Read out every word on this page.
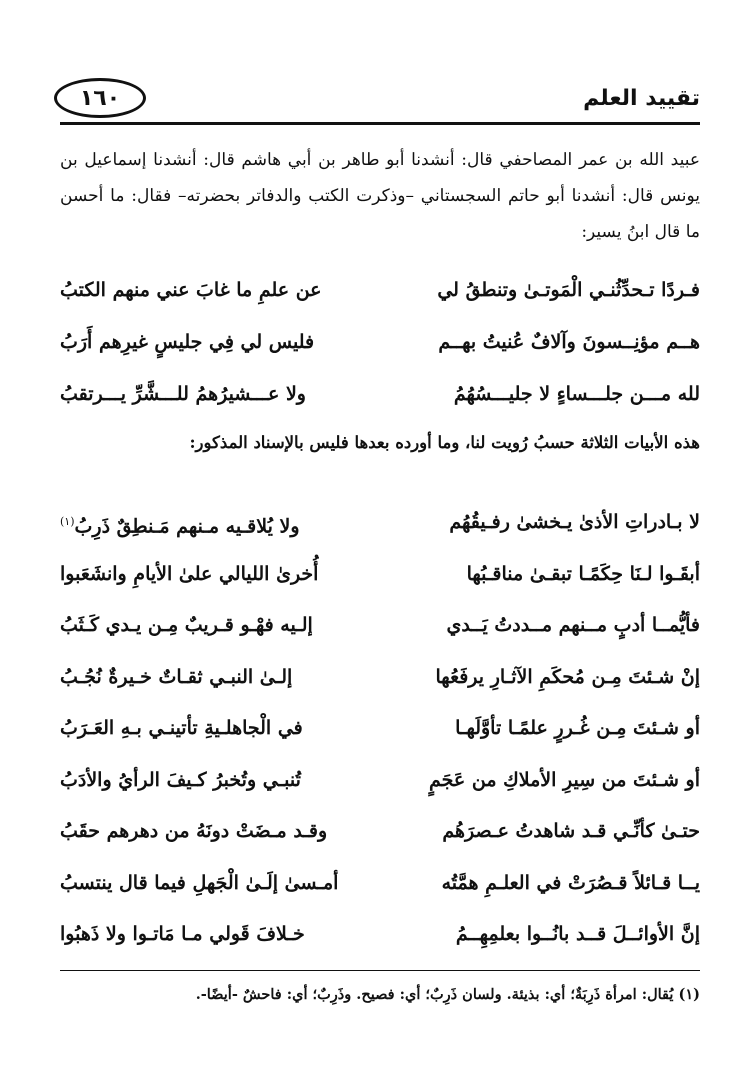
تقييد العلم
١٦٠
عبيد الله بن عمر المصاحفي قال: أنشدنا أبو طاهر بن أبي هاشم قال: أنشدنا إسماعيل بن يونس قال: أنشدنا أبو حاتم السجستاني –وذكرت الكتب والدفاتر بحضرته– فقال: ما أحسن ما قال ابنُ يسير:
فـردًا تـحدِّثُنـي الْمَوتـىٰ وتنطقُ لي
عن علمِ ما غابَ عني منهم الكتبُ
هــم مؤنِــسونَ وآلافٌ عُنيتُ بهــم
فليس لي فِي جليسٍ غيرِهم أَرَبُ
لله مـــن جلـــساءٍ لا جليـــسُهُمُ
ولا عـــشيرُهمُ للـــشَّرِّ يـــرتقبُ
هذه الأبيات الثلاثة حسبُ رُويت لنا، وما أورده بعدها فليس بالإسناد المذكور:
لا بـادراتِ الأذىٰ يـخشىٰ رفـيقُهُم
ولا يُلاقـيه مـنهم مَـنطِقٌ ذَرِبُ$^{(١)}$
أبقَـوا لـنَا حِكَمًـا تبقـىٰ مناقـبُها
أُخرىٰ الليالي علىٰ الأيامِ وانشَعَبوا
فأيُّمــا أدبٍ مــنهم مــددتُ يَــدي
إلـيه فهْـو قـريبٌ مِـن يـدي كَـثَبُ
إنْ شـئتَ مِـن مُحكَمِ الآثـارِ يرفَعُها
إلـىٰ النبـي ثقـاتٌ خـيرةٌ نُجُـبُ
أو شـئتَ مِـن غُـررٍ علمًـا تأوَّلَهـا
في الْجاهلـيةِ تأتينـي بـهِ العَـرَبُ
أو شـئتَ من سِيرِ الأملاكِ من عَجَمٍ
تُنبـي وتُخبرُ كـيفَ الرأيُ والأدَبُ
حتـىٰ كأنِّـي قـد شاهدتُ عـصرَهُم
وقـد مـضَتْ دونَهُ من دهرهم حقَبُ
يــا قـائلاً قـصُرَتْ في العلـمِ همَّتُه
أمـسىٰ إلَـىٰ الْجَهلِ فيما قال ينتسبُ
إنَّ الأوائــلَ قــد بانُــوا بعلمِهِــمُ
خـلافَ قَولي مـا مَاتـوا ولا ذَهبُوا
(١) يُقال: امرأة ذَرِبَةٌ؛ أي: بذيئة. ولسان ذَرِبٌ؛ أي: فصيح. وذَرِبٌ؛ أي: فاحشٌ -أيضًا-.
